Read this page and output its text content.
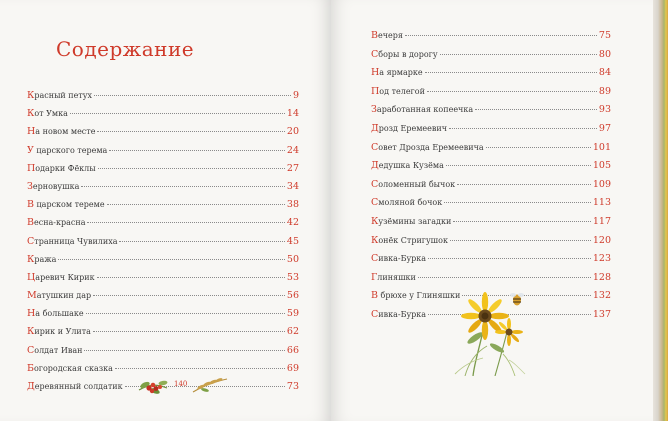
Содержание
Красный петух	9
Кот Умка	14
На новом месте	20
У царского терема	24
Подарки Фёклы	27
Зерновушка	34
В царском тереме	38
Весна-красна	42
Странница Чувилиха	45
Кража	50
Царевич Кирик	53
Матушкин дар	56
На большаке	59
Кирик и Улита	62
Солдат Иван	66
Богородская сказка	69
Деревянный солдатик	73
Вечеря	75
Сборы в дорогу	80
На ярмарке	84
Под телегой	89
Заработанная копеечка	93
Дрозд Еремеевич	97
Совет Дрозда Еремеевича	101
Дедушка Кузёма	105
Соломенный бычок	109
Смоляной бочок	113
Кузёмины загадки	117
Конёк Стригушок	120
Сивка-Бурка	123
Глиняшки	128
В брюхе у Глиняшки	132
Сивка-Бурка	137
140
